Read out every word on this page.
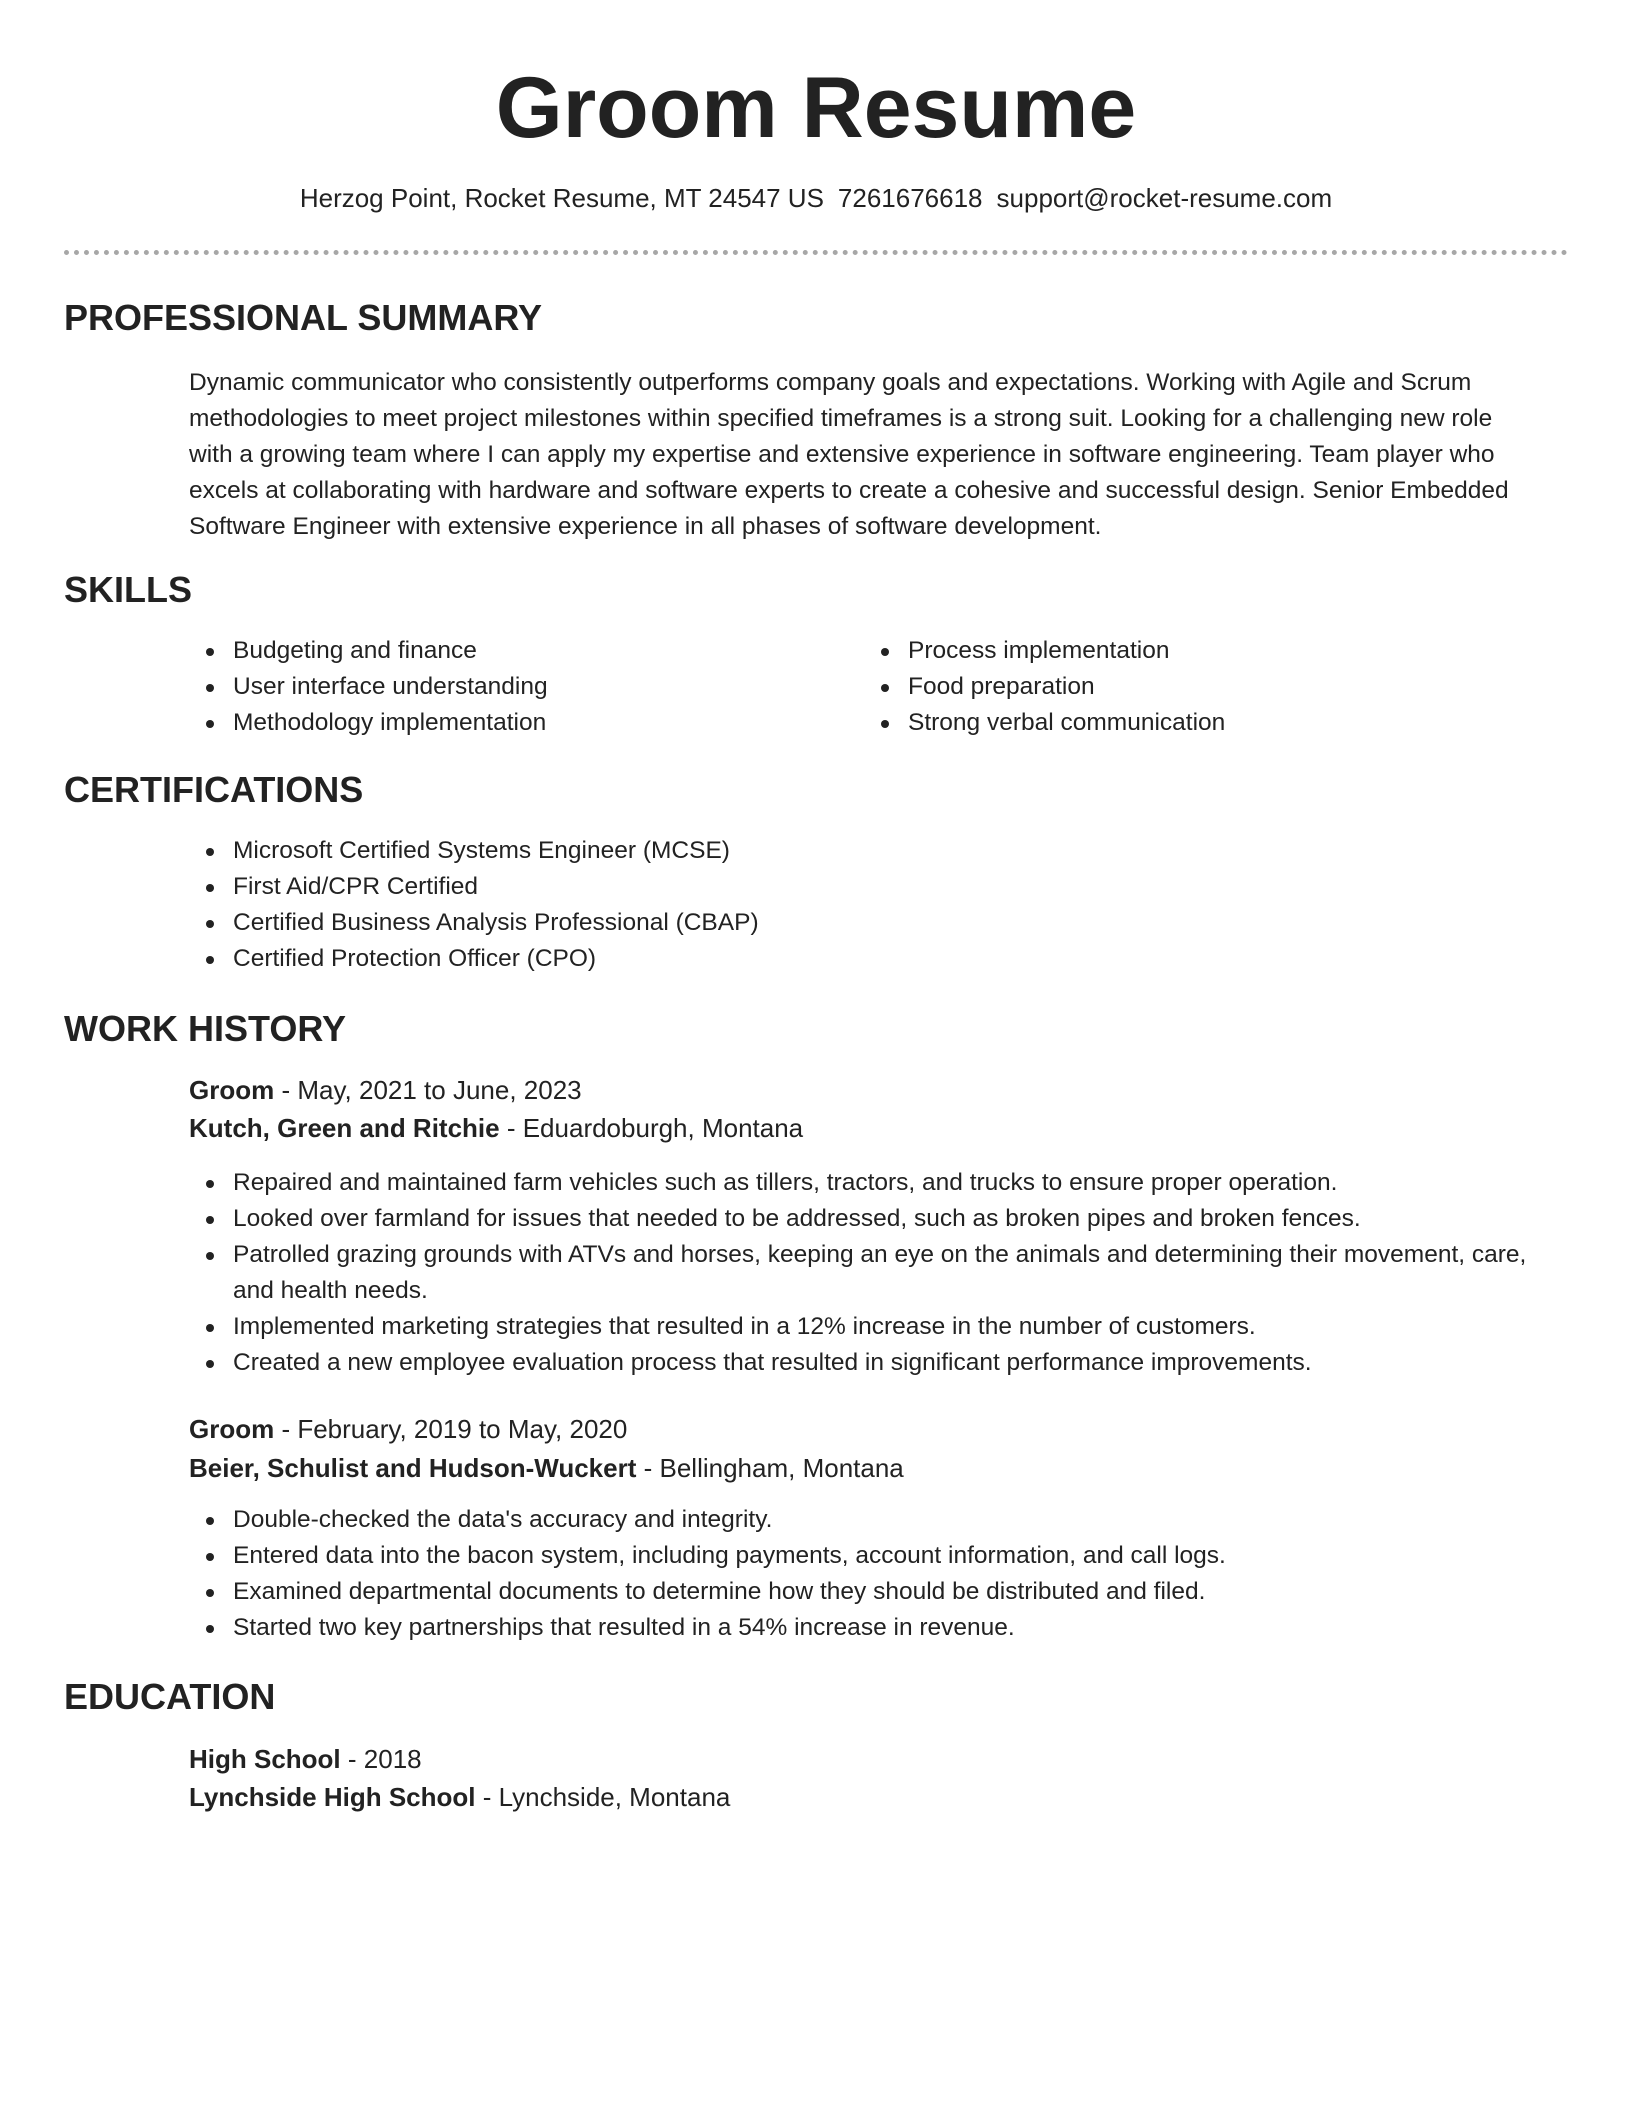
Groom Resume
Herzog Point, Rocket Resume, MT 24547 US 7261676618 support@rocket-resume.com
PROFESSIONAL SUMMARY

Dynamic communicator who consistently outperforms company goals and expectations. Working with Agile and Scrum methodologies to meet project milestones within specified timeframes is a strong suit. Looking for a challenging new role with a growing team where I can apply my expertise and extensive experience in software engineering. Team player who excels at collaborating with hardware and software experts to create a cohesive and successful design. Senior Embedded Software Engineer with extensive experience in all phases of software development.

SKILLS
Budgeting and finance
User interface understanding
Methodology implementation
Process implementation
Food preparation
Strong verbal communication
CERTIFICATIONS
Microsoft Certified Systems Engineer (MCSE)
First Aid/CPR Certified
Certified Business Analysis Professional (CBAP)
Certified Protection Officer (CPO)
WORK HISTORY
Groom - May, 2021 to June, 2023
Kutch, Green and Ritchie - Eduardoburgh, Montana
Repaired and maintained farm vehicles such as tillers, tractors, and trucks to ensure proper operation.
Looked over farmland for issues that needed to be addressed, such as broken pipes and broken fences.
Patrolled grazing grounds with ATVs and horses, keeping an eye on the animals and determining their movement, care, and health needs.
Implemented marketing strategies that resulted in a 12% increase in the number of customers.
Created a new employee evaluation process that resulted in significant performance improvements.
Groom - February, 2019 to May, 2020
Beier, Schulist and Hudson-Wuckert - Bellingham, Montana
Double-checked the data's accuracy and integrity.
Entered data into the bacon system, including payments, account information, and call logs.
Examined departmental documents to determine how they should be distributed and filed.
Started two key partnerships that resulted in a 54% increase in revenue.
EDUCATION
High School - 2018
Lynchside High School - Lynchside, Montana
